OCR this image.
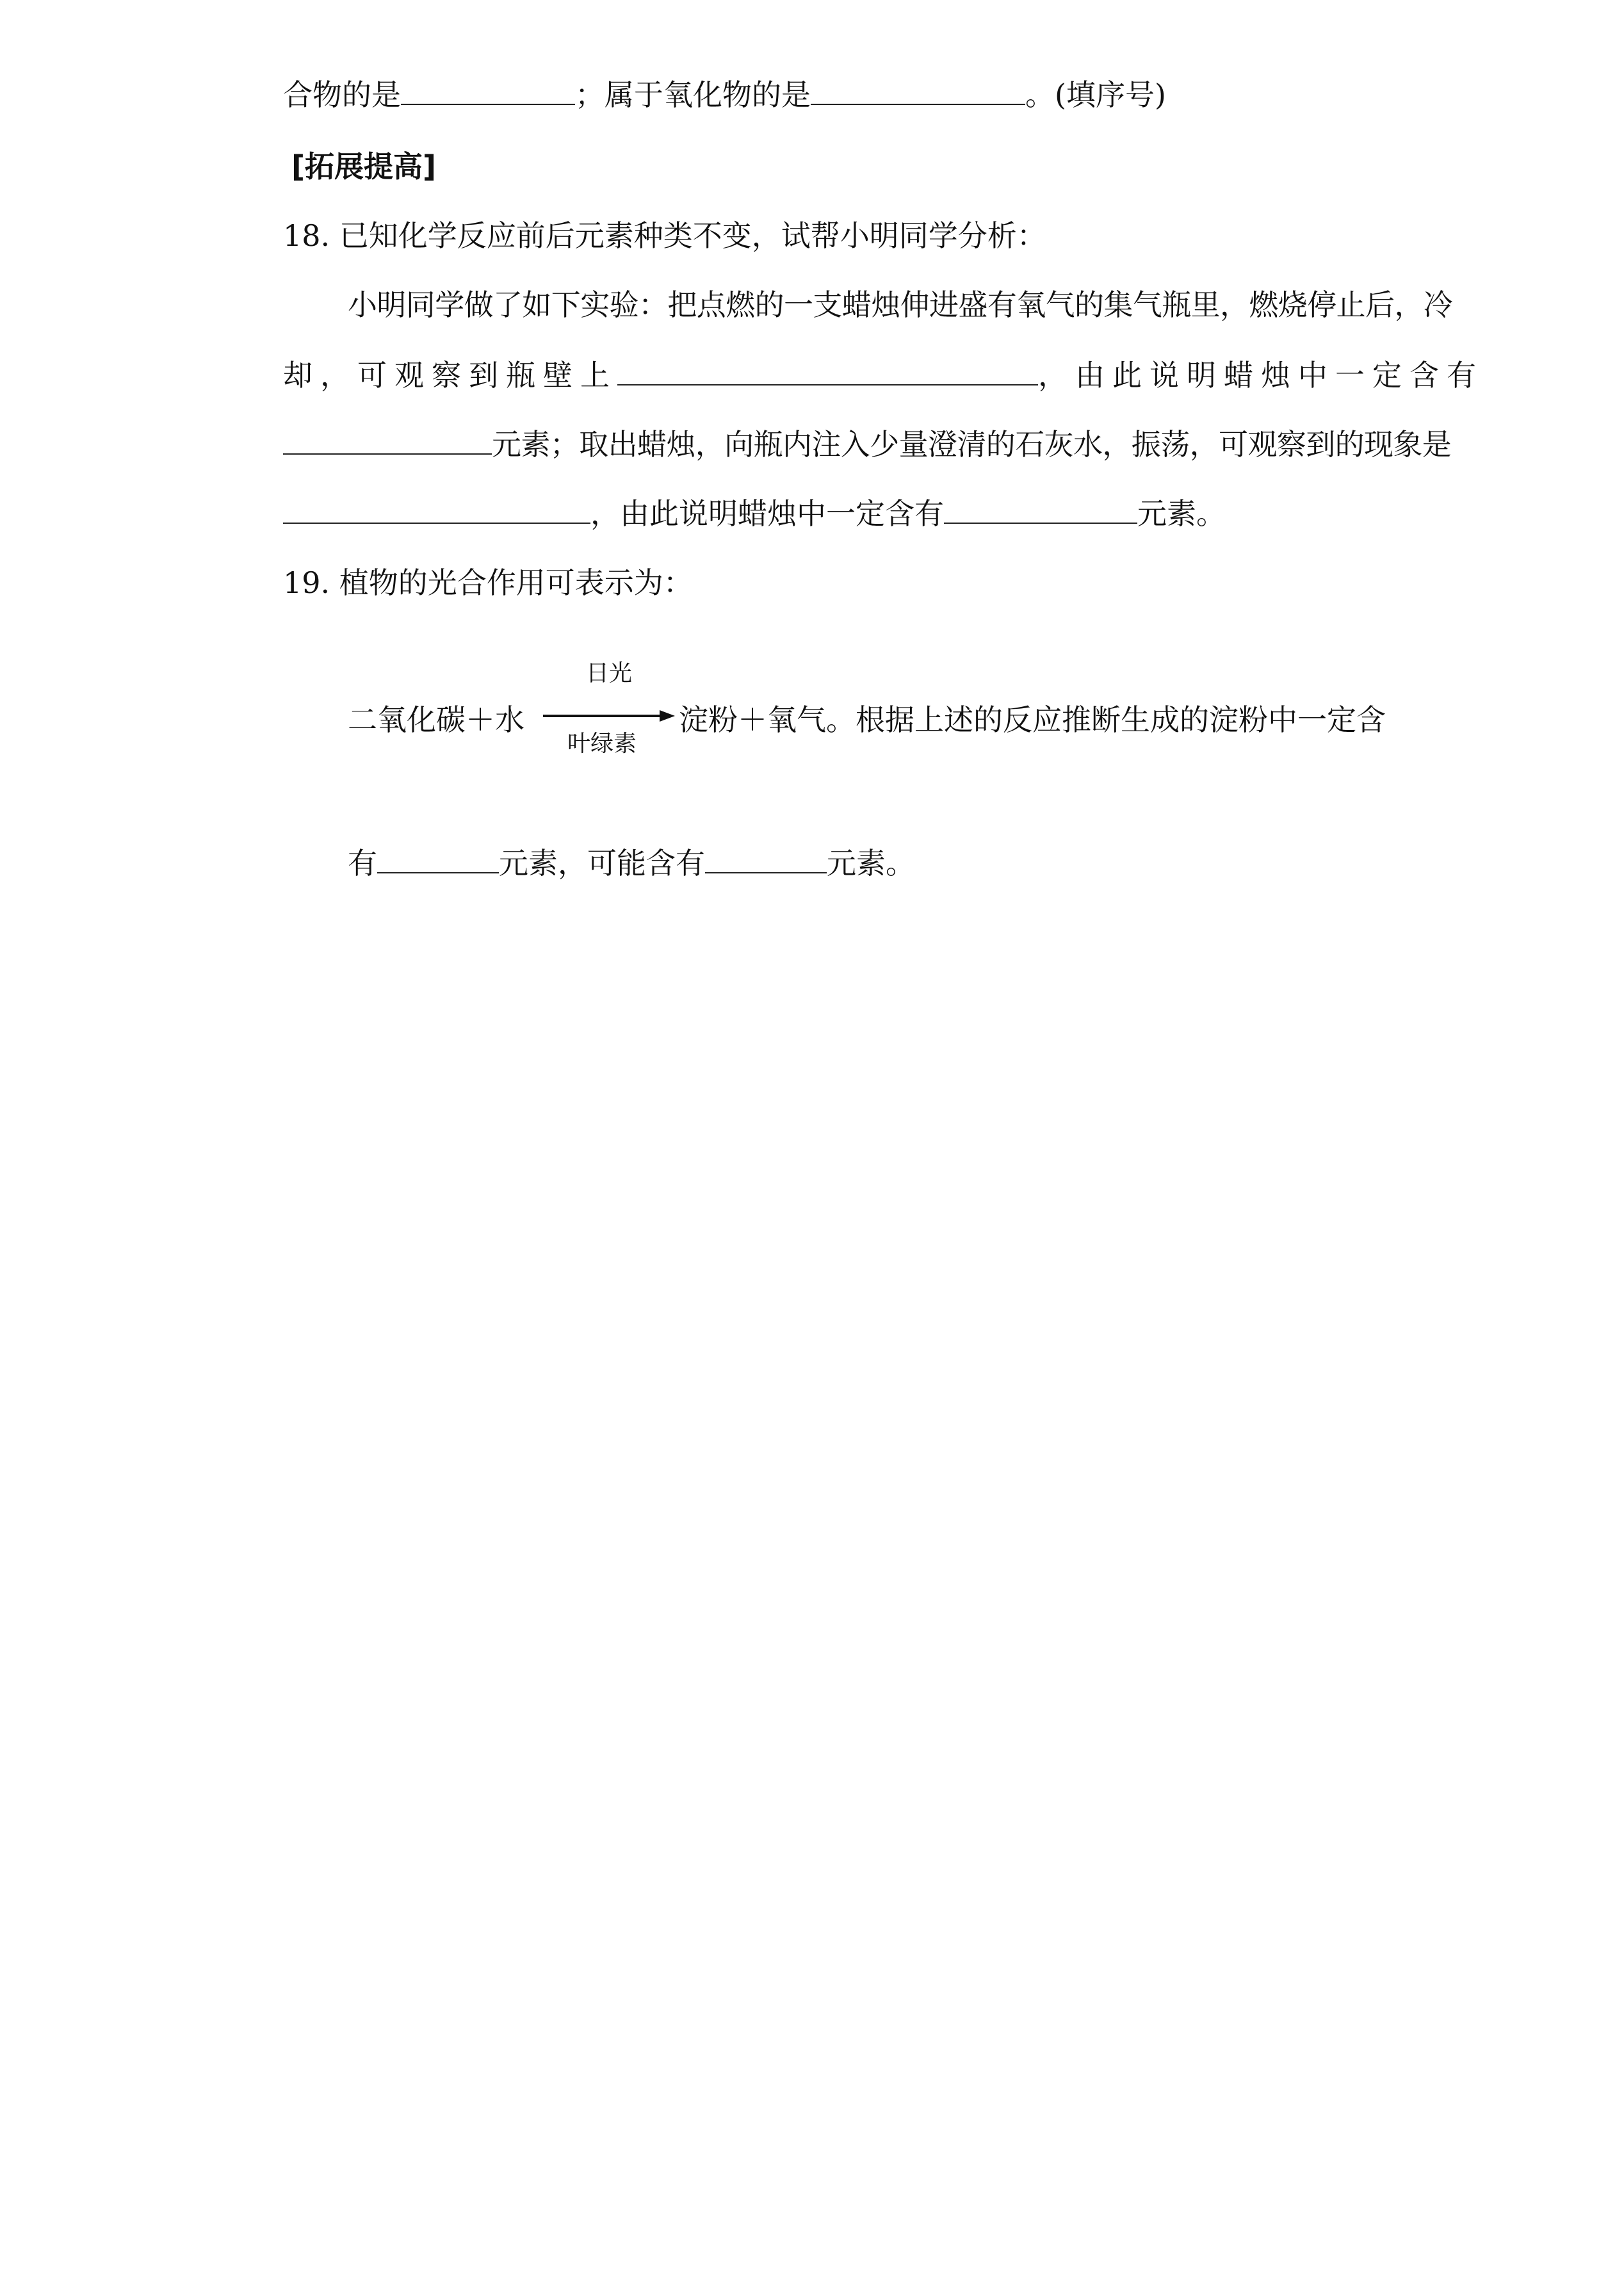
合物的是	；属于氧化物的是	。(填序号)
[拓展提高]
18. 已知化学反应前后元素种类不变，试帮小明同学分析：
小明同学做了如下实验：把点燃的一支蜡烛伸进盛有氧气的集气瓶里，燃烧停止后，冷
却，可观察到瓶壁上	，由此说明蜡烛中一定含有
元素；取出蜡烛，向瓶内注入少量澄清的石灰水，振荡，可观察到的现象是
，由此说明蜡烛中一定含有	元素。
19. 植物的光合作用可表示为：
二氧化碳＋水
日光
叶绿素
淀粉＋氧气。根据上述的反应推断生成的淀粉中一定含
有	元素，可能含有	元素。
